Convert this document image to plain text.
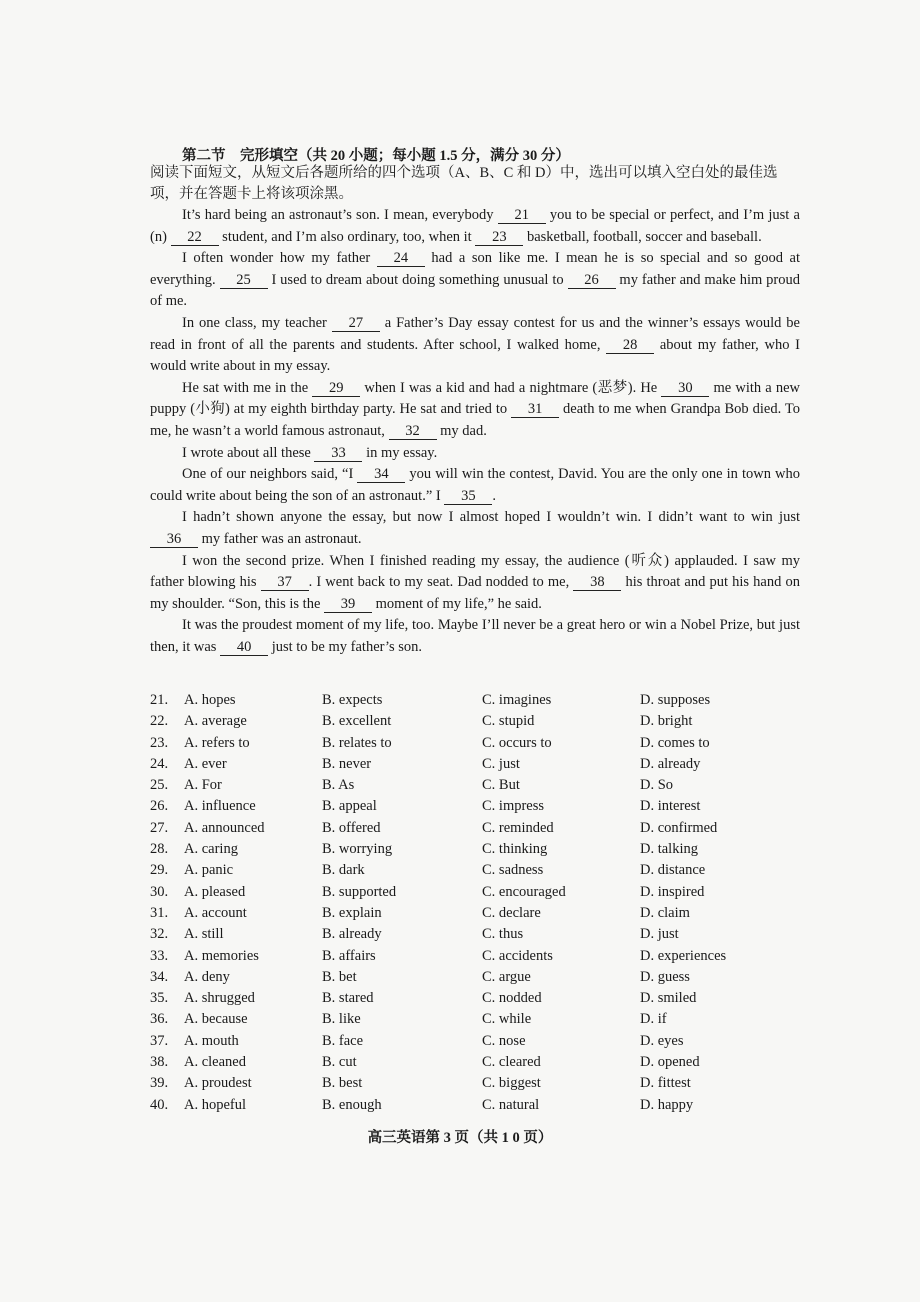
第二节　完形填空（共 20 小题；每小题 1.5 分，满分 30 分）
阅读下面短文，从短文后各题所给的四个选项（A、B、C 和 D）中，选出可以填入空白处的最佳选项，并在答题卡上将该项涂黑。

It’s hard being an astronaut’s son. I mean, everybody 21 you to be special or perfect, and I’m just a (n) 22 student, and I’m also ordinary, too, when it 23 basketball, football, soccer and baseball.

I often wonder how my father 24 had a son like me. I mean he is so special and so good at everything. 25 I used to dream about doing something unusual to 26 my father and make him proud of me.

In one class, my teacher 27 a Father’s Day essay contest for us and the winner’s essays would be read in front of all the parents and students. After school, I walked home, 28 about my father, who I would write about in my essay.

He sat with me in the 29 when I was a kid and had a nightmare (恶梦). He 30 me with a new puppy (小狗) at my eighth birthday party. He sat and tried to 31 death to me when Grandpa Bob died. To me, he wasn’t a world famous astronaut, 32 my dad.

I wrote about all these 33 in my essay.

One of our neighbors said, “I 34 you will win the contest, David. You are the only one in town who could write about being the son of an astronaut.” I 35 .

I hadn’t shown anyone the essay, but now I almost hoped I wouldn’t win. I didn’t want to win just 36 my father was an astronaut.

I won the second prize. When I finished reading my essay, the audience (听众) applauded. I saw my father blowing his 37 . I went back to my seat. Dad nodded to me, 38 his throat and put his hand on my shoulder. “Son, this is the 39 moment of my life,” he said.

It was the proudest moment of my life, too. Maybe I’ll never be a great hero or win a Nobel Prize, but just then, it was 40 just to be my father’s son.

21. A. hopes	B. expects	C. imagines	D. supposes
22. A. average	B. excellent	C. stupid	D. bright
23. A. refers to	B. relates to	C. occurs to	D. comes to
24. A. ever	B. never	C. just	D. already
25. A. For	B. As	C. But	D. So
26. A. influence	B. appeal	C. impress	D. interest
27. A. announced	B. offered	C. reminded	D. confirmed
28. A. caring	B. worrying	C. thinking	D. talking
29. A. panic	B. dark	C. sadness	D. distance
30. A. pleased	B. supported	C. encouraged	D. inspired
31. A. account	B. explain	C. declare	D. claim
32. A. still	B. already	C. thus	D. just
33. A. memories	B. affairs	C. accidents	D. experiences
34. A. deny	B. bet	C. argue	D. guess
35. A. shrugged	B. stared	C. nodded	D. smiled
36. A. because	B. like	C. while	D. if
37. A. mouth	B. face	C. nose	D. eyes
38. A. cleaned	B. cut	C. cleared	D. opened
39. A. proudest	B. best	C. biggest	D. fittest
40. A. hopeful	B. enough	C. natural	D. happy
高三英语第 3 页（共 1 0 页）
